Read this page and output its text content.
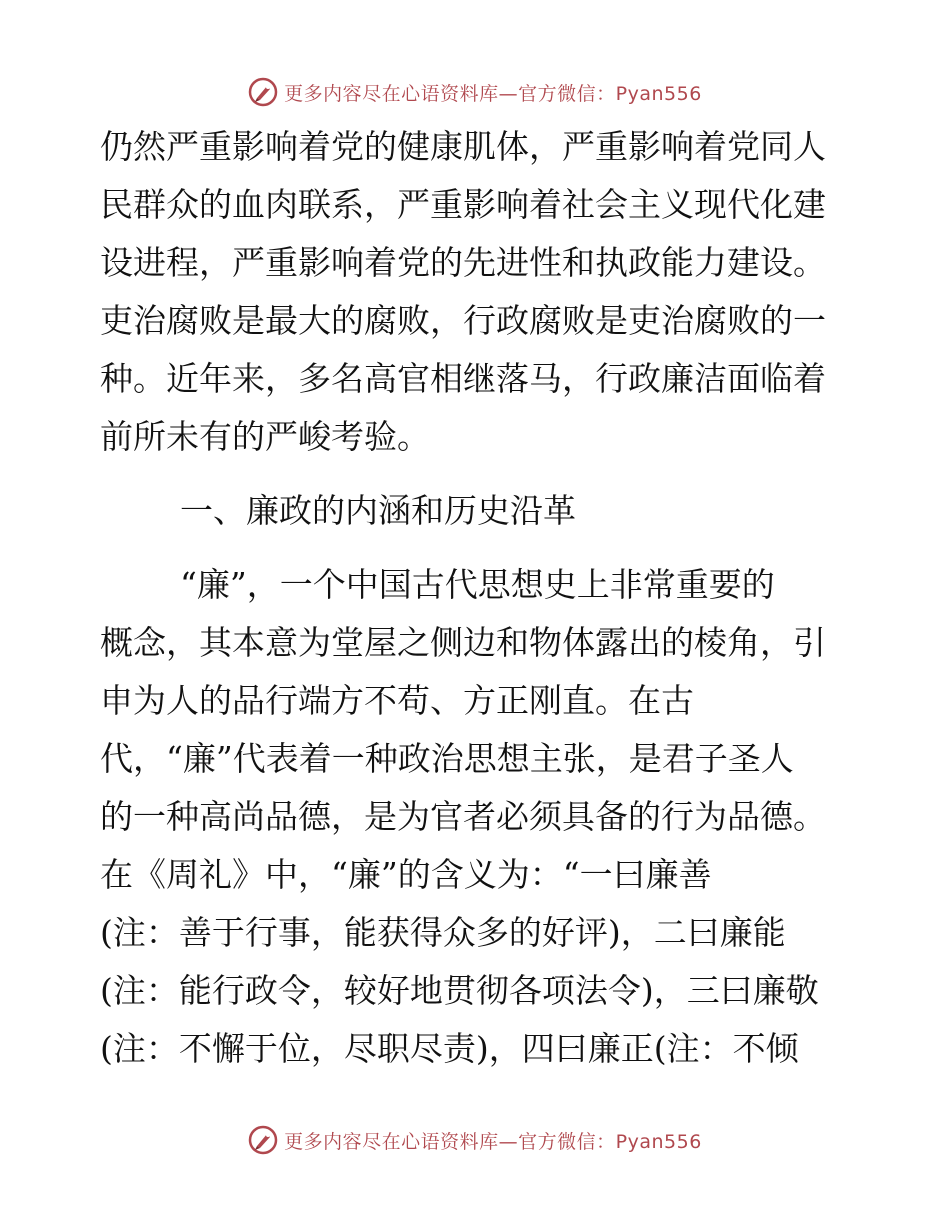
更多内容尽在心语资料库—官方微信：Pyan556
仍然严重影响着党的健康肌体，严重影响着党同人
民群众的血肉联系，严重影响着社会主义现代化建
设进程，严重影响着党的先进性和执政能力建设。
吏治腐败是最大的腐败，行政腐败是吏治腐败的一
种。近年来，多名高官相继落马，行政廉洁面临着
前所未有的严峻考验。
一、廉政的内涵和历史沿革
“廉”，一个中国古代思想史上非常重要的
概念，其本意为堂屋之侧边和物体露出的棱角，引
申为人的品行端方不苟、方正刚直。在古
代，“廉”代表着一种政治思想主张，是君子圣人
的一种高尚品德，是为官者必须具备的行为品德。
在《周礼》中，“廉”的含义为：“一曰廉善
(注：善于行事，能获得众多的好评)，二曰廉能
(注：能行政令，较好地贯彻各项法令)，三曰廉敬
(注：不懈于位，尽职尽责)，四曰廉正(注：不倾
更多内容尽在心语资料库—官方微信：Pyan556
